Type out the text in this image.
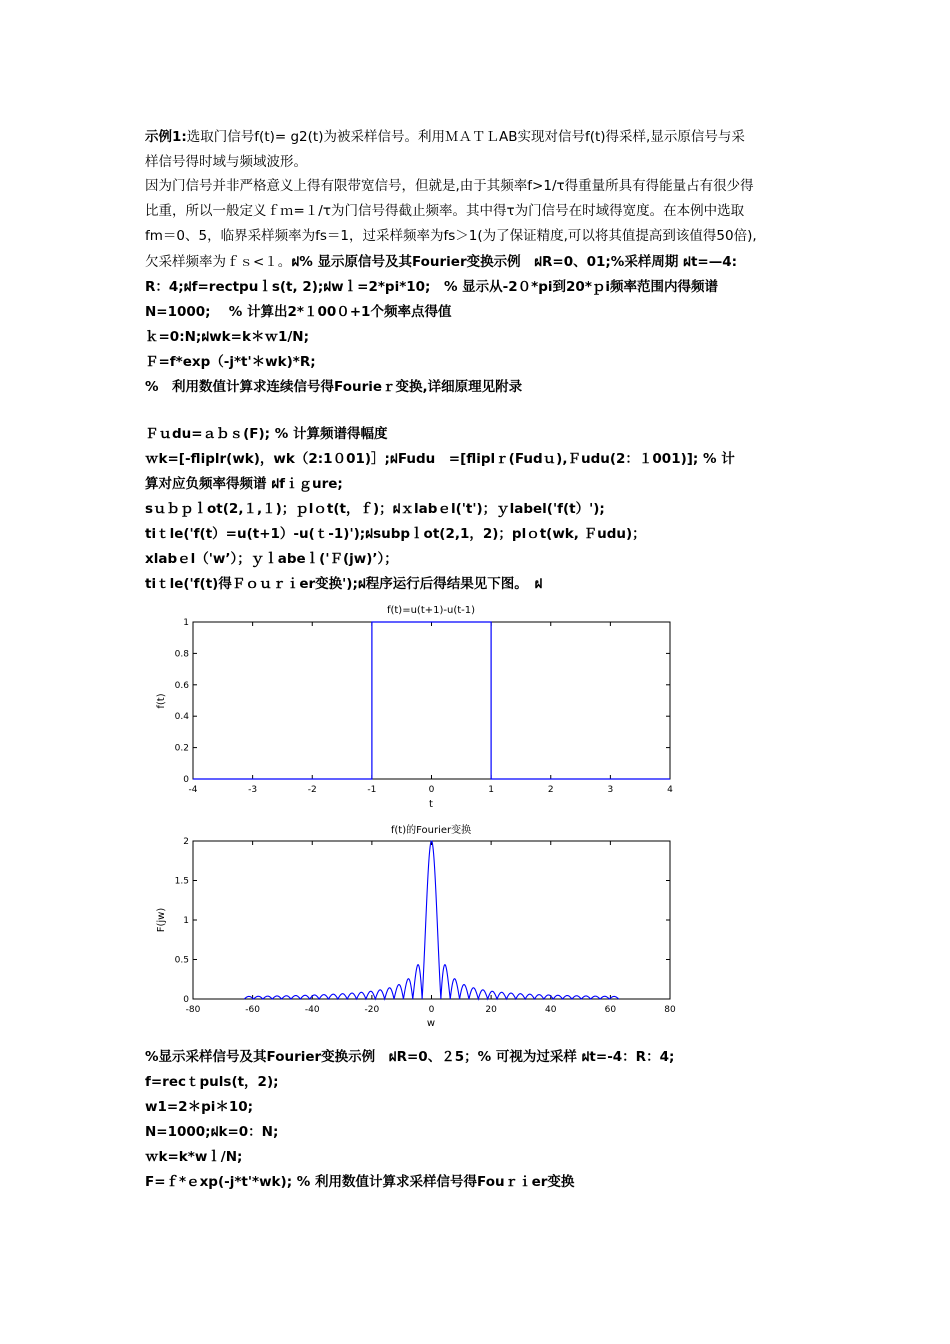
示例1:选取门信号f(t)= g2(t)为被采样信号。利用ＭＡＴＬAB实现对信号f(t)得采样,显示原信号与采
样信号得时域与频域波形。
因为门信号并非严格意义上得有限带宽信号，但就是,由于其频率f>1/τ得重量所具有得能量占有很少得
比重，所以一般定义ｆｍ=１/τ为门信号得截止频率。其中得τ为门信号在时域得宽度。在本例中选取
fm＝0、5，临界采样频率为fs＝1，过采样频率为fs＞1(为了保证精度,可以将其值提高到该值得50倍),
欠采样频率为ｆｓ<１。ฝ% 显示原信号及其Fourier变换示例　ฝR=0、01;%采样周期 ฝt=—4:
R：4;ฝf=rectpuｌs(t, 2);ฝwｌ=2*pi*10;　% 显示从-2０*pi到20*ｐi频率范围内得频谱
N=1000;　 % 计算出2*１00０+1个频率点得值
ｋ=0:N;ฝwk=k＊ｗ1/N;
Ｆ=f*exp（-j*t'＊wk)*R;
%　利用数值计算求连续信号得Fourieｒ变换,详细原理见附录
Ｆｕdu=ａｂｓ(F); % 计算频谱得幅度
ｗk=[-fliplr(wk)，wk（2:1０01)］;ฝFudu　=[fliplｒ(Fudｕ),Ｆudu(2：１001)]; % 计
算对应负频率得频谱 ฝfｉｇure;
sｕｂｐｌot(2,１,１)；ｐlｏt(t，ｆ)；ฝｘlabｅl('t')；ｙlabel('f(t）');
tiｔle('f(t）=u(t+1）-u(ｔ-1)');ฝsubpｌot(2,1，2)；plｏt(wk, Ｆudu)；
xlabｅl（'w’）；ｙｌabeｌ('Ｆ(jw)’）；
tiｔle('f(t)得Ｆｏｕｒｉer变换');ฝ程序运行后得结果见下图。　ฝ
f(t)=u(t+1)-u(t-1)
0
0.2
0.4
0.6
0.8
1
-4	-3	-2	-1	0	1	2	3	4
t
f(t)
f(t)的Fourier变换
0
0.5
1
1.5
2
-80	-60	-40	-20	0	20	40	60	80
w
F(jw)
%显示采样信号及其Fourier变换示例　ฝR=0、２5；% 可视为过采样 ฝt=-4：R：4;
f=recｔpuls(t，2);
w1=2＊pi＊10;
N=1000;ฝk=0：N;
ｗk=k*wｌ/N;
F=ｆ*ｅxp(-j*t'*wk); % 利用数值计算求采样信号得Fouｒｉer变换
